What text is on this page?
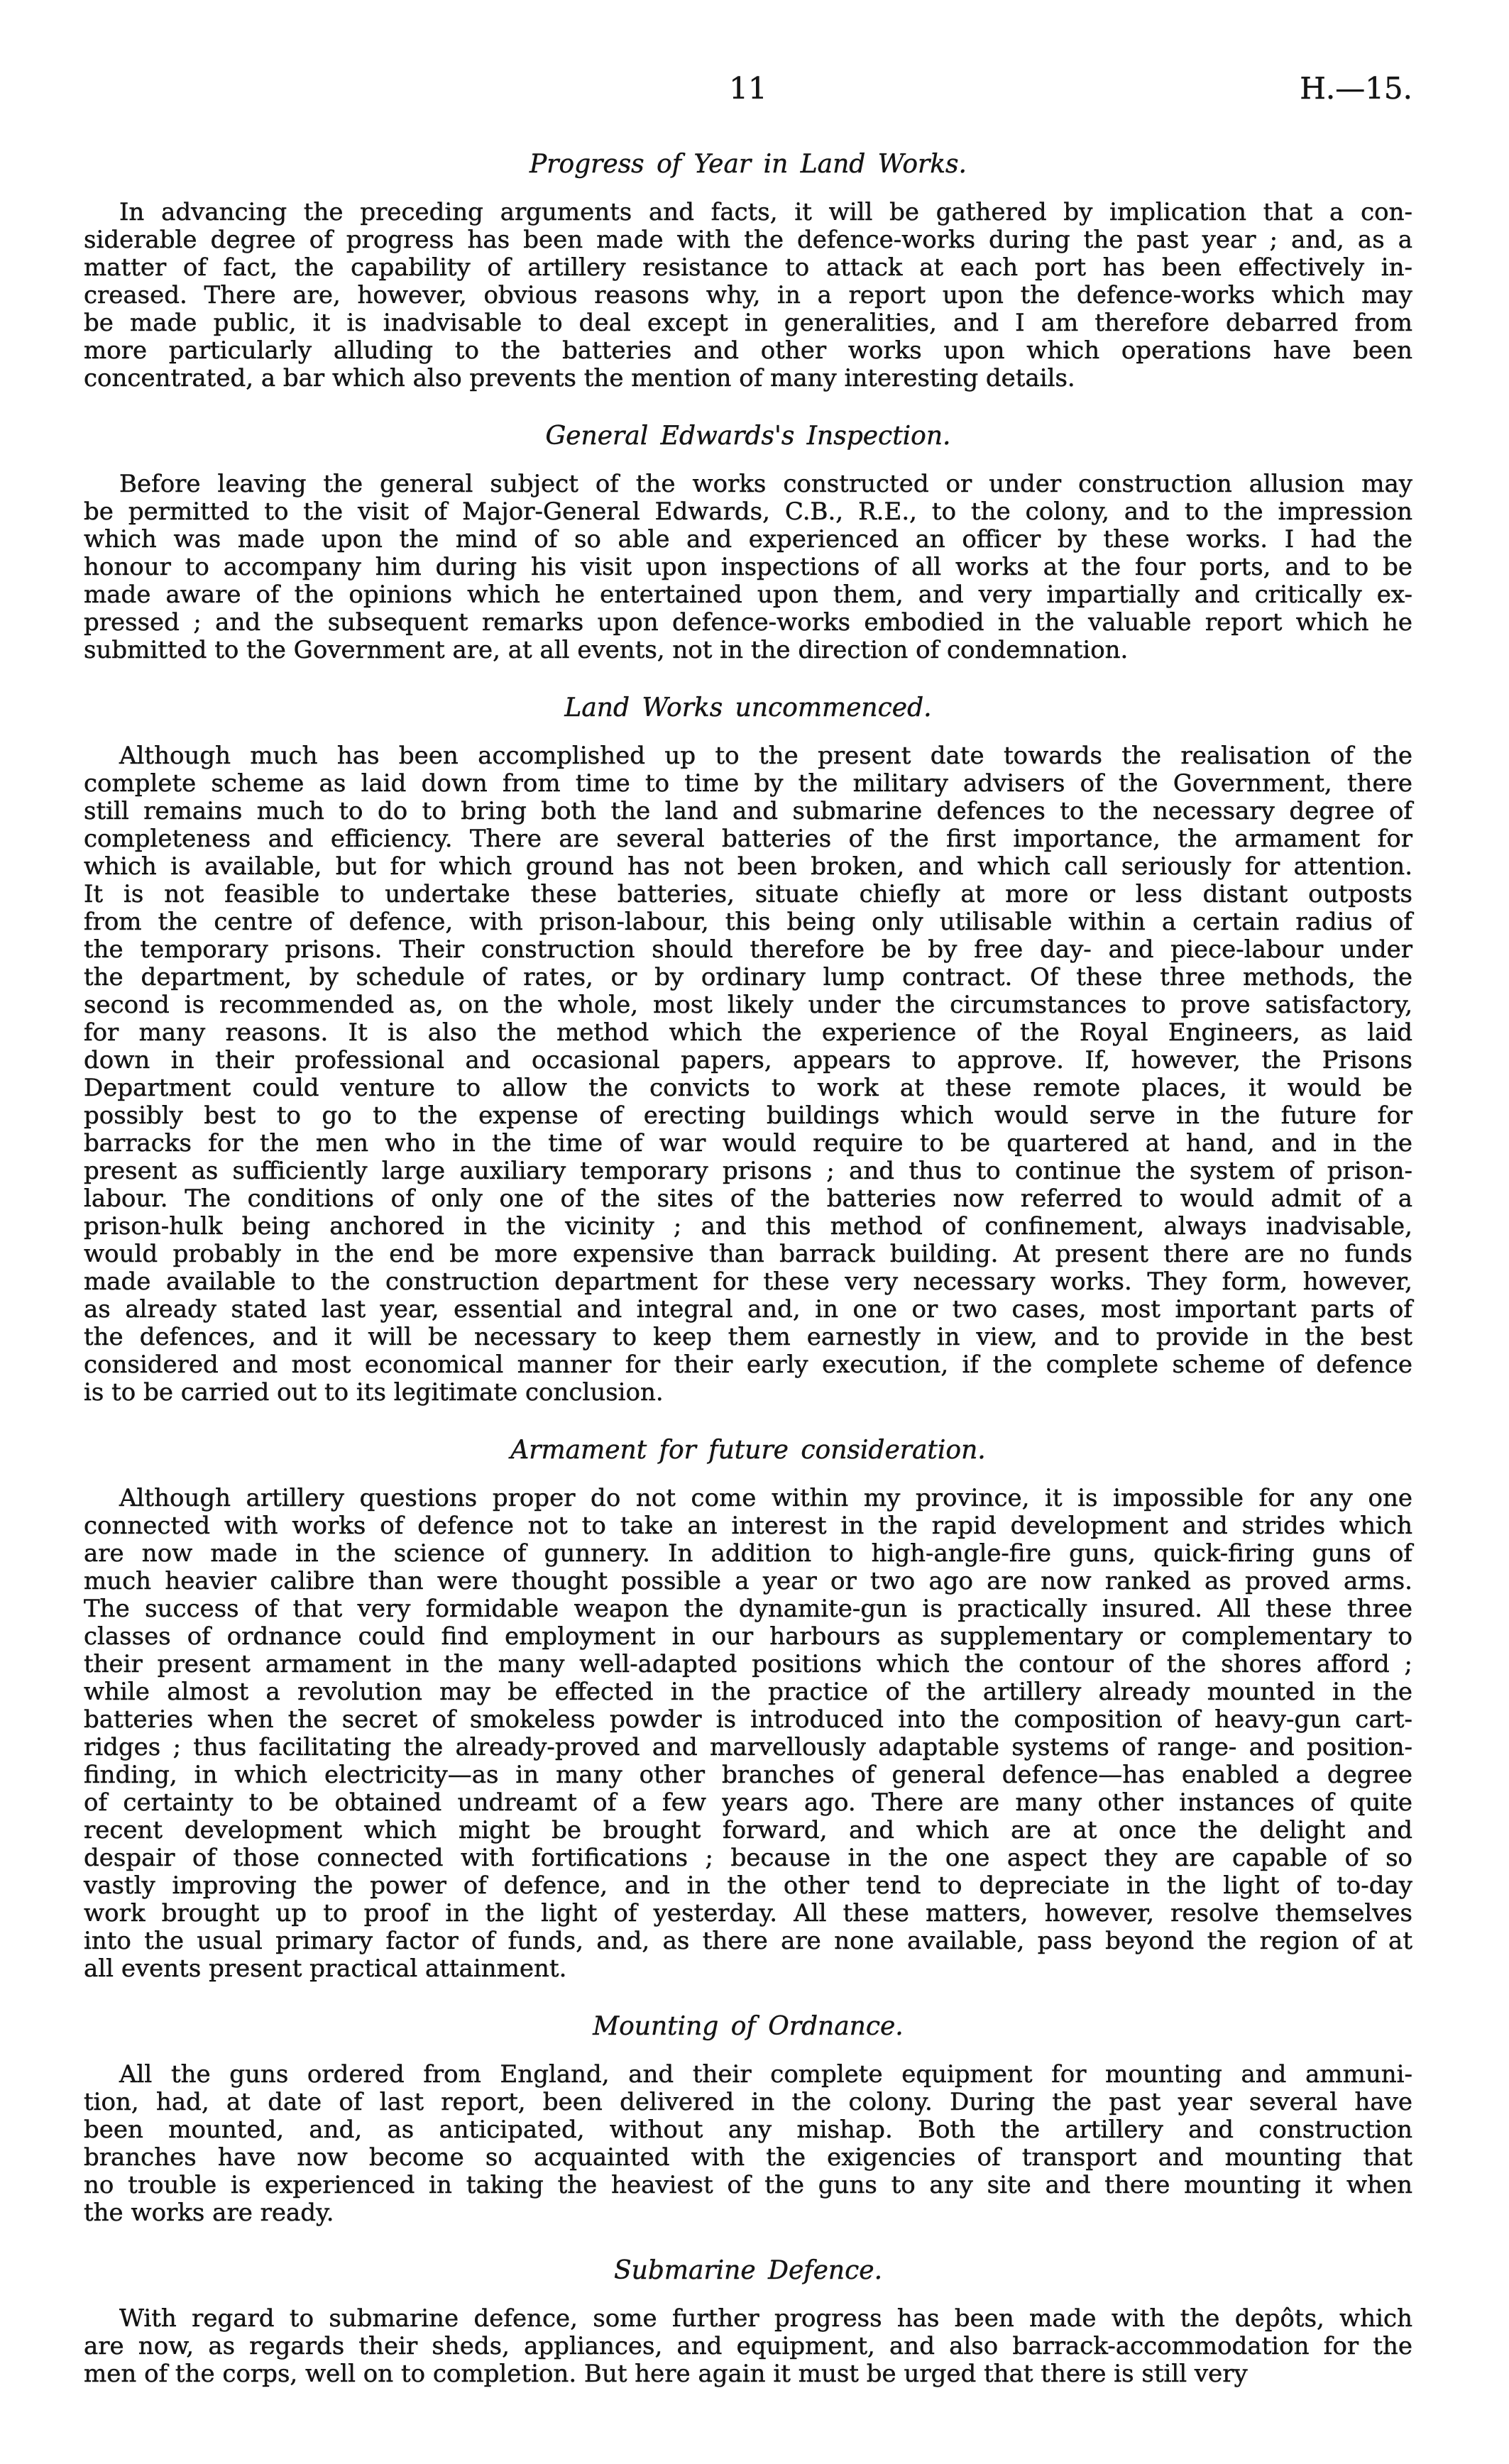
11	H.—15.
Progress of Year in Land Works.
In advancing the preceding arguments and facts, it will be gathered by implication that a con-
siderable degree of progress has been made with the defence-works during the past year ; and, as a
matter of fact, the capability of artillery resistance to attack at each port has been effectively in-
creased. There are, however, obvious reasons why, in a report upon the defence-works which may
be made public, it is inadvisable to deal except in generalities, and I am therefore debarred from
more particularly alluding to the batteries and other works upon which operations have been
concentrated, a bar which also prevents the mention of many interesting details.
General Edwards's Inspection.
Before leaving the general subject of the works constructed or under construction allusion may
be permitted to the visit of Major-General Edwards, C.B., R.E., to the colony, and to the impression
which was made upon the mind of so able and experienced an officer by these works. I had the
honour to accompany him during his visit upon inspections of all works at the four ports, and to be
made aware of the opinions which he entertained upon them, and very impartially and critically ex-
pressed ; and the subsequent remarks upon defence-works embodied in the valuable report which he
submitted to the Government are, at all events, not in the direction of condemnation.
Land Works uncommenced.
Although much has been accomplished up to the present date towards the realisation of the
complete scheme as laid down from time to time by the military advisers of the Government, there
still remains much to do to bring both the land and submarine defences to the necessary degree of
completeness and efficiency. There are several batteries of the first importance, the armament for
which is available, but for which ground has not been broken, and which call seriously for attention.
It is not feasible to undertake these batteries, situate chiefly at more or less distant outposts
from the centre of defence, with prison-labour, this being only utilisable within a certain radius of
the temporary prisons. Their construction should therefore be by free day- and piece-labour under
the department, by schedule of rates, or by ordinary lump contract. Of these three methods, the
second is recommended as, on the whole, most likely under the circumstances to prove satisfactory,
for many reasons. It is also the method which the experience of the Royal Engineers, as laid
down in their professional and occasional papers, appears to approve. If, however, the Prisons
Department could venture to allow the convicts to work at these remote places, it would be
possibly best to go to the expense of erecting buildings which would serve in the future for
barracks for the men who in the time of war would require to be quartered at hand, and in the
present as sufficiently large auxiliary temporary prisons ; and thus to continue the system of prison-
labour. The conditions of only one of the sites of the batteries now referred to would admit of a
prison-hulk being anchored in the vicinity ; and this method of confinement, always inadvisable,
would probably in the end be more expensive than barrack building. At present there are no funds
made available to the construction department for these very necessary works. They form, however,
as already stated last year, essential and integral and, in one or two cases, most important parts of
the defences, and it will be necessary to keep them earnestly in view, and to provide in the best
considered and most economical manner for their early execution, if the complete scheme of defence
is to be carried out to its legitimate conclusion.
Armament for future consideration.
Although artillery questions proper do not come within my province, it is impossible for any one
connected with works of defence not to take an interest in the rapid development and strides which
are now made in the science of gunnery. In addition to high-angle-fire guns, quick-firing guns of
much heavier calibre than were thought possible a year or two ago are now ranked as proved arms.
The success of that very formidable weapon the dynamite-gun is practically insured. All these three
classes of ordnance could find employment in our harbours as supplementary or complementary to
their present armament in the many well-adapted positions which the contour of the shores afford ;
while almost a revolution may be effected in the practice of the artillery already mounted in the
batteries when the secret of smokeless powder is introduced into the composition of heavy-gun cart-
ridges ; thus facilitating the already-proved and marvellously adaptable systems of range- and position-
finding, in which electricity—as in many other branches of general defence—has enabled a degree
of certainty to be obtained undreamt of a few years ago. There are many other instances of quite
recent development which might be brought forward, and which are at once the delight and
despair of those connected with fortifications ; because in the one aspect they are capable of so
vastly improving the power of defence, and in the other tend to depreciate in the light of to-day
work brought up to proof in the light of yesterday. All these matters, however, resolve themselves
into the usual primary factor of funds, and, as there are none available, pass beyond the region of at
all events present practical attainment.
Mounting of Ordnance.
All the guns ordered from England, and their complete equipment for mounting and ammuni-
tion, had, at date of last report, been delivered in the colony. During the past year several have
been mounted, and, as anticipated, without any mishap. Both the artillery and construction
branches have now become so acquainted with the exigencies of transport and mounting that
no trouble is experienced in taking the heaviest of the guns to any site and there mounting it when
the works are ready.
Submarine Defence.
With regard to submarine defence, some further progress has been made with the depôts, which
are now, as regards their sheds, appliances, and equipment, and also barrack-accommodation for the
men of the corps, well on to completion. But here again it must be urged that there is still very
